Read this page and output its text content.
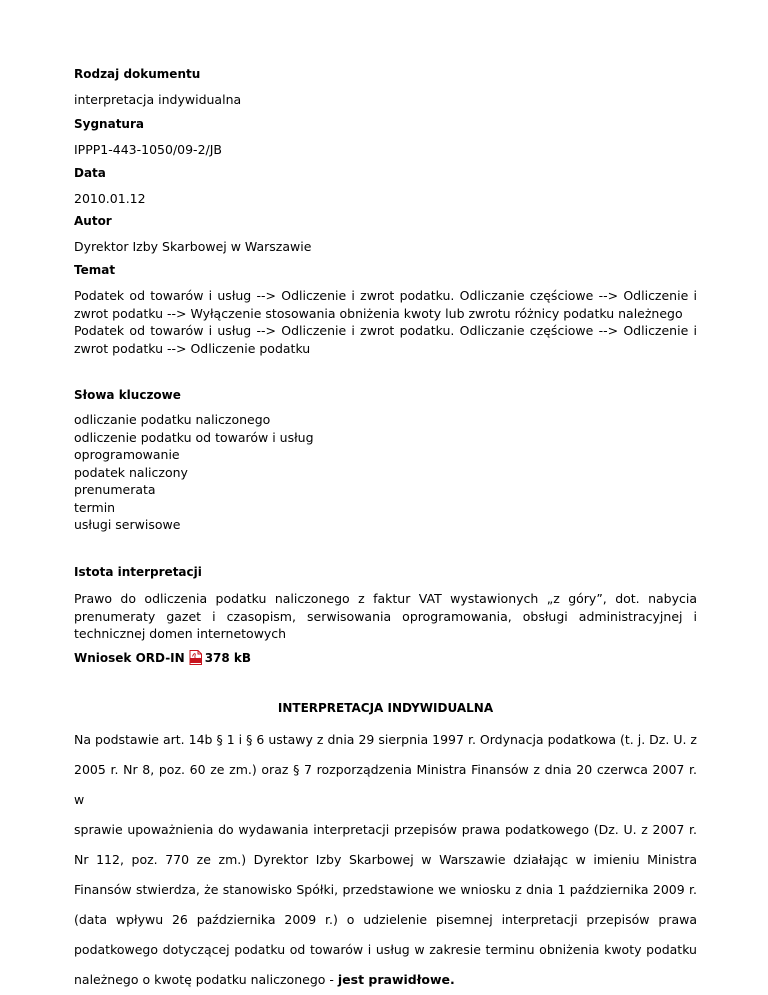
Rodzaj dokumentu
interpretacja indywidualna
Sygnatura
IPPP1-443-1050/09-2/JB
Data
2010.01.12
Autor
Dyrektor Izby Skarbowej w Warszawie
Temat
Podatek od towarów i usług --> Odliczenie i zwrot podatku. Odliczanie częściowe --> Odliczenie i
zwrot podatku --> Wyłączenie stosowania obniżenia kwoty lub zwrotu różnicy podatku należnego
Podatek od towarów i usług --> Odliczenie i zwrot podatku. Odliczanie częściowe --> Odliczenie i
zwrot podatku --> Odliczenie podatku
Słowa kluczowe
odliczanie podatku naliczonego
odliczenie podatku od towarów i usług
oprogramowanie
podatek naliczony
prenumerata
termin
usługi serwisowe
Istota interpretacji
Prawo do odliczenia podatku naliczonego z faktur VAT wystawionych „z góry”, dot. nabycia
prenumeraty gazet i czasopism, serwisowania oprogramowania, obsługi administracyjnej i
technicznej domen internetowych
Wniosek ORD-IN 378 kB
INTERPRETACJA INDYWIDUALNA
Na podstawie art. 14b § 1 i § 6 ustawy z dnia 29 sierpnia 1997 r. Ordynacja podatkowa (t. j. Dz. U. z
2005 r. Nr 8, poz. 60 ze zm.) oraz § 7 rozporządzenia Ministra Finansów z dnia 20 czerwca 2007 r. w
sprawie upoważnienia do wydawania interpretacji przepisów prawa podatkowego (Dz. U. z 2007 r.
Nr 112, poz. 770 ze zm.) Dyrektor Izby Skarbowej w Warszawie działając w imieniu Ministra
Finansów stwierdza, że stanowisko Spółki, przedstawione we wniosku z dnia 1 października 2009 r.
(data wpływu 26 października 2009 r.) o udzielenie pisemnej interpretacji przepisów prawa
podatkowego dotyczącej podatku od towarów i usług w zakresie terminu obniżenia kwoty podatku
należnego o kwotę podatku naliczonego - jest prawidłowe.
